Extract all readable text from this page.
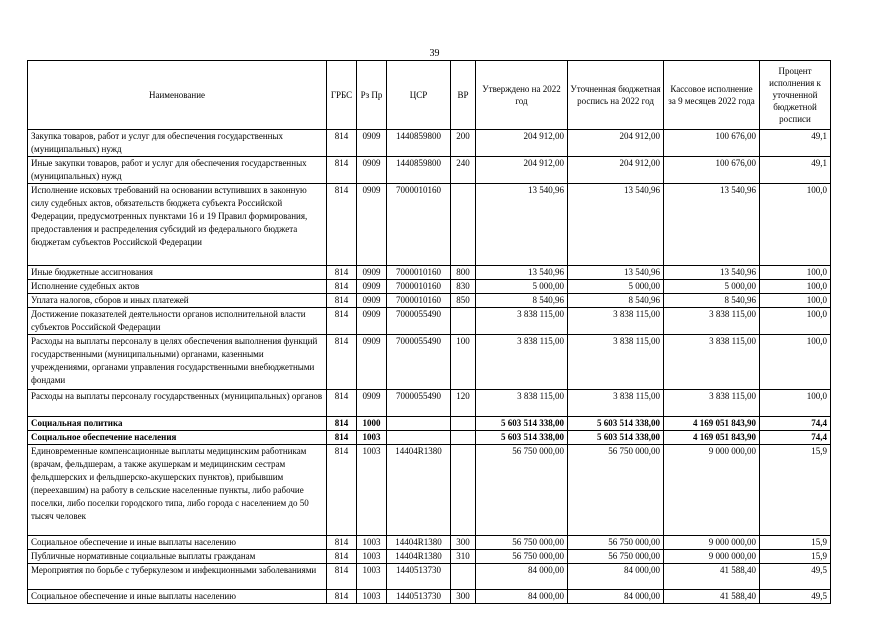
39
Наименование	ГРБС	Рз Пр	ЦСР	ВР	Утверждено на 2022 год	Уточненная бюджетная роспись на 2022 год	Кассовое исполнение за 9 месяцев 2022 года	Процент исполнения к уточненной бюджетной росписи
Закупка товаров, работ и услуг для обеспечения государственных (муниципальных) нужд	814	0909	1440859800	200	204 912,00	204 912,00	100 676,00	49,1
Иные закупки товаров, работ и услуг для обеспечения государственных (муниципальных) нужд	814	0909	1440859800	240	204 912,00	204 912,00	100 676,00	49,1
Исполнение исковых требований на основании вступивших в законную силу судебных актов, обязательств бюджета субъекта Российской Федерации, предусмотренных пунктами 16 и 19 Правил формирования, предоставления и распределения субсидий из федерального бюджета бюджетам субъектов Российской Федерации	814	0909	7000010160		13 540,96	13 540,96	13 540,96	100,0
Иные бюджетные ассигнования	814	0909	7000010160	800	13 540,96	13 540,96	13 540,96	100,0
Исполнение судебных актов	814	0909	7000010160	830	5 000,00	5 000,00	5 000,00	100,0
Уплата налогов, сборов и иных платежей	814	0909	7000010160	850	8 540,96	8 540,96	8 540,96	100,0
Достижение показателей деятельности органов исполнительной власти субъектов Российской Федерации	814	0909	7000055490		3 838 115,00	3 838 115,00	3 838 115,00	100,0
Расходы на выплаты персоналу в целях обеспечения выполнения функций государственными (муниципальными) органами, казенными учреждениями, органами управления государственными внебюджетными фондами	814	0909	7000055490	100	3 838 115,00	3 838 115,00	3 838 115,00	100,0
Расходы на выплаты персоналу государственных (муниципальных) органов	814	0909	7000055490	120	3 838 115,00	3 838 115,00	3 838 115,00	100,0
Социальная политика	814	1000			5 603 514 338,00	5 603 514 338,00	4 169 051 843,90	74,4
Социальное обеспечение населения	814	1003			5 603 514 338,00	5 603 514 338,00	4 169 051 843,90	74,4
Единовременные компенсационные выплаты медицинским работникам (врачам, фельдшерам, а также акушеркам и медицинским сестрам фельдшерских и фельдшерско-акушерских пунктов), прибывшим (переехавшим) на работу в сельские населенные пункты, либо рабочие поселки, либо поселки городского типа, либо города с населением до 50 тысяч человек	814	1003	14404R1380		56 750 000,00	56 750 000,00	9 000 000,00	15,9
Социальное обеспечение и иные выплаты населению	814	1003	14404R1380	300	56 750 000,00	56 750 000,00	9 000 000,00	15,9
Публичные нормативные социальные выплаты гражданам	814	1003	14404R1380	310	56 750 000,00	56 750 000,00	9 000 000,00	15,9
Мероприятия по борьбе с туберкулезом и инфекционными заболеваниями	814	1003	1440513730		84 000,00	84 000,00	41 588,40	49,5
Социальное обеспечение и иные выплаты населению	814	1003	1440513730	300	84 000,00	84 000,00	41 588,40	49,5
